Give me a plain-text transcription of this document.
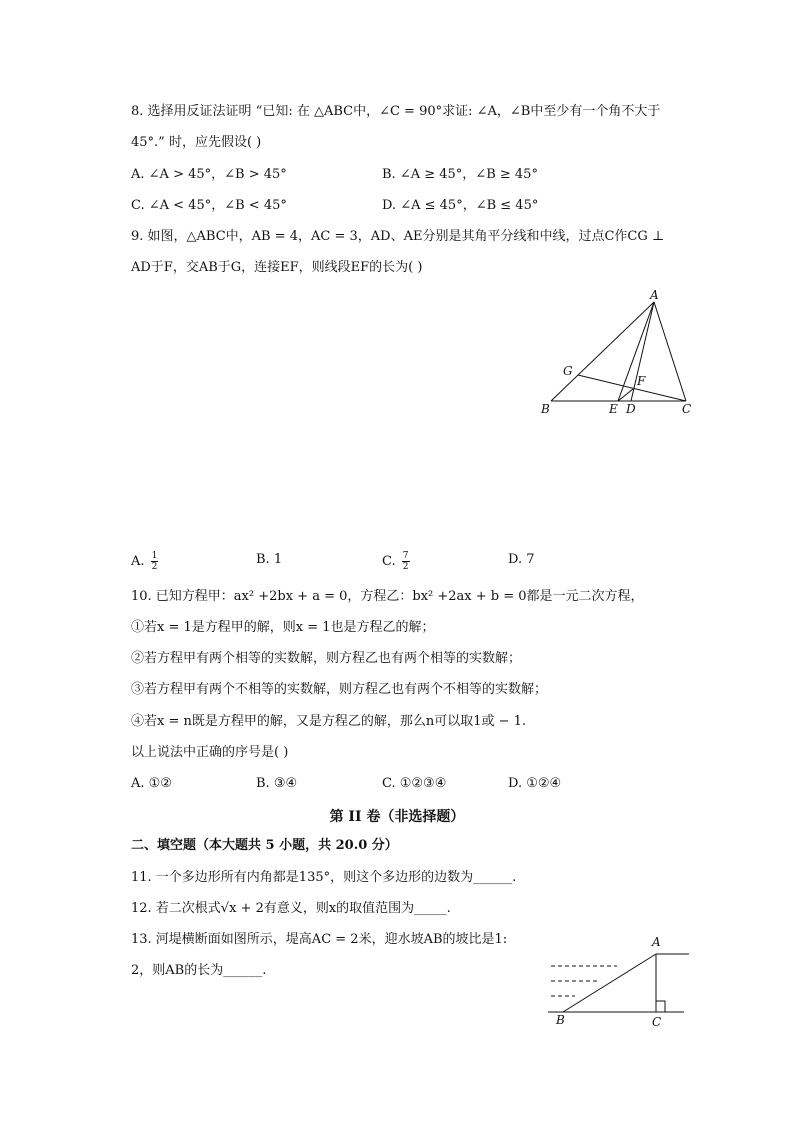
8. 选择用反证法证明 “已知: 在 △ABC中，∠C = 90°求证: ∠A，∠B中至少有一个角不大于
45°.” 时，应先假设( )
A. ∠A > 45°，∠B > 45°	B. ∠A ≥ 45°，∠B ≥ 45°
C. ∠A < 45°，∠B < 45°	D. ∠A ≤ 45°，∠B ≤ 45°
9. 如图，△ABC中，AB = 4，AC = 3，AD、AE分别是其角平分线和中线，过点C作CG ⊥
AD于F，交AB于G，连接EF，则线段EF的长为( )
A
G
F
B	E D	C
A. $\frac{1}{2}$	B. 1	C. $\frac{7}{2}$	D. 7
10. 已知方程甲：ax² +2bx + a = 0，方程乙：bx² +2ax + b = 0都是一元二次方程，
①若x = 1是方程甲的解，则x = 1也是方程乙的解；
②若方程甲有两个相等的实数解，则方程乙也有两个相等的实数解；
③若方程甲有两个不相等的实数解，则方程乙也有两个不相等的实数解；
④若x = n既是方程甲的解，又是方程乙的解，那么n可以取1或 − 1.
以上说法中正确的序号是( )
A. ①②	B. ③④	C. ①②③④	D. ①②④
第 II 卷（非选择题）
二、填空题（本大题共 5 小题，共 20.0 分）
11. 一个多边形所有内角都是135°，则这个多边形的边数为______.
12. 若二次根式√x + 2有意义，则x的取值范围为_____.
13. 河堤横断面如图所示，堤高AC = 2米，迎水坡AB的坡比是1:
2，则AB的长为______.
A
B	C
